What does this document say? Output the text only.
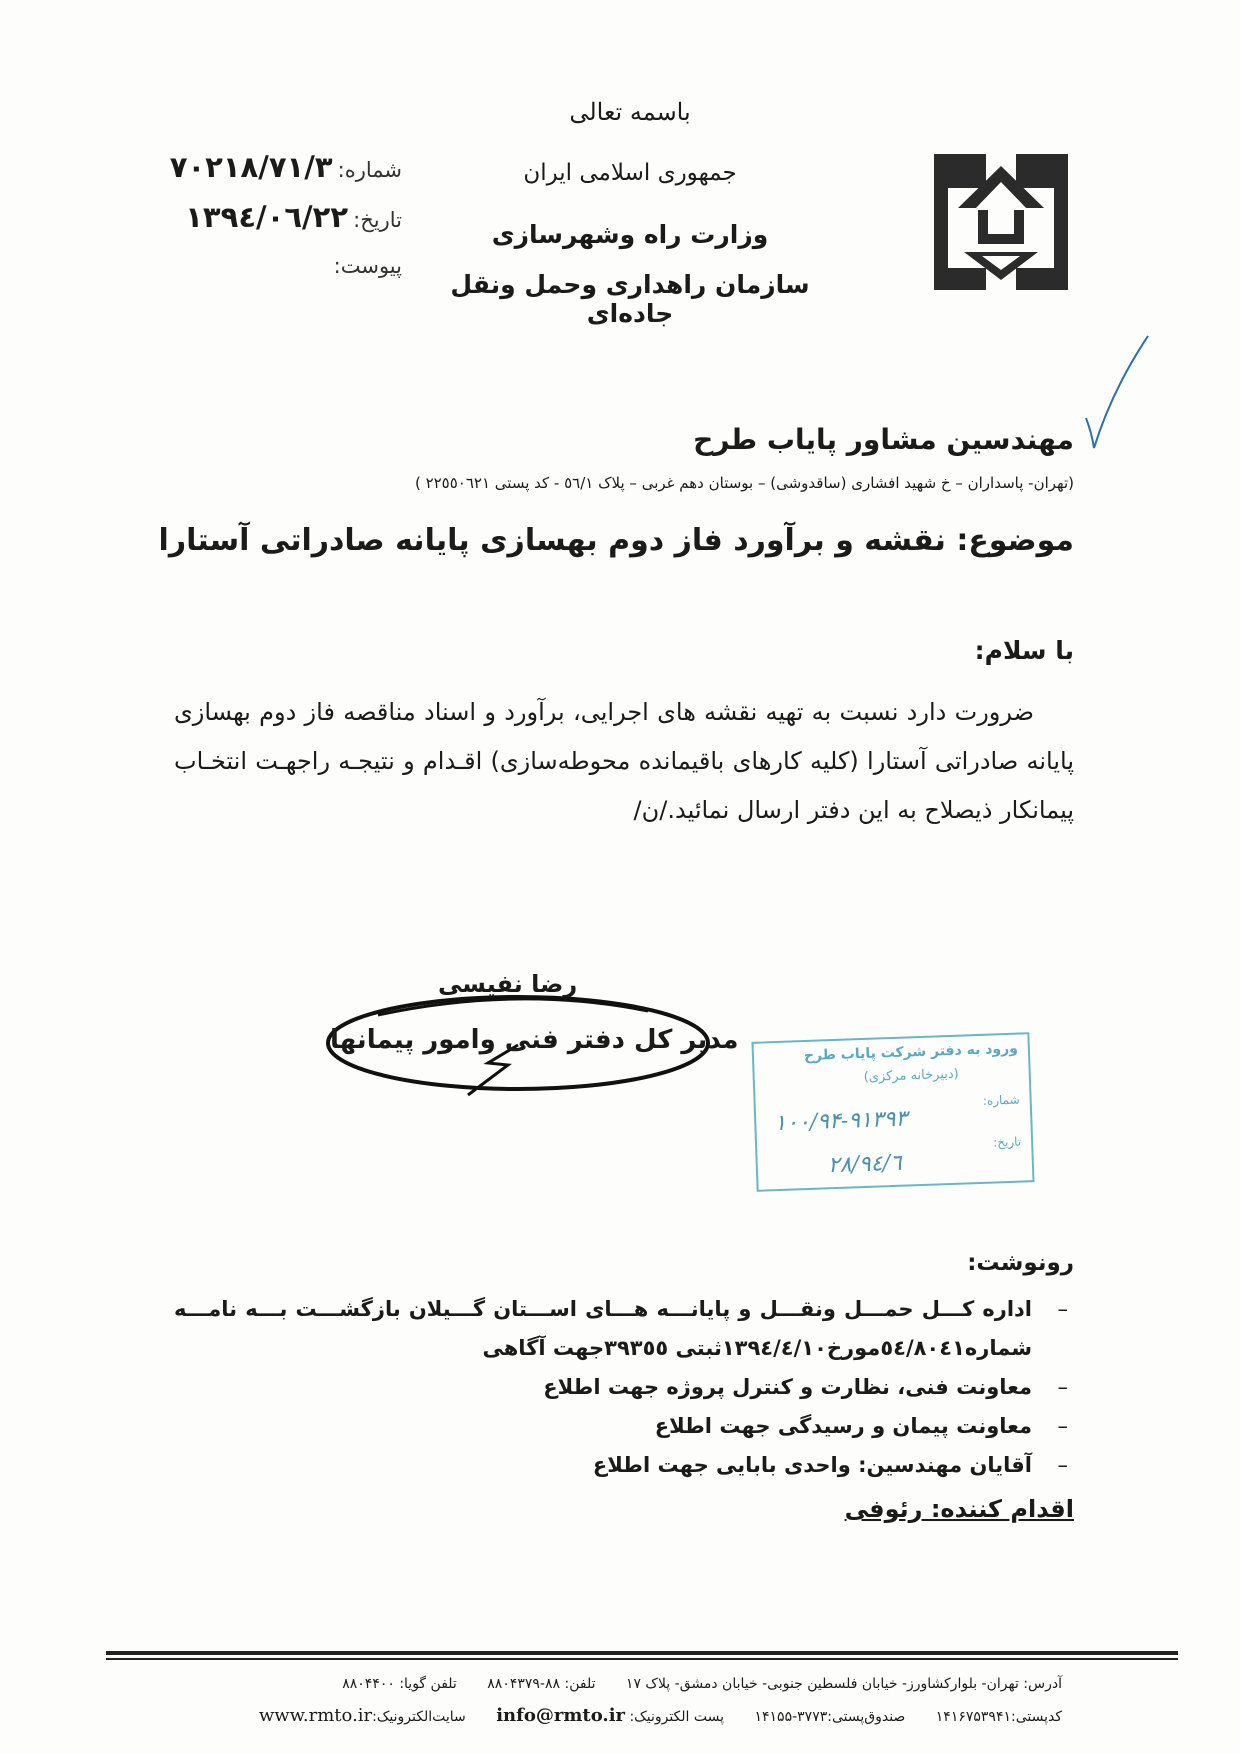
باسمه تعالی
جمهوری اسلامی ایران
وزارت راه وشهرسازی
سازمان راهداری وحمل ونقل جاده‌ای
شماره: ۷۰۲۱۸/۷۱/۳
تاریخ: ۱۳۹٤/۰٦/۲۲
پیوست:
مهندسین مشاور پایاب طرح
(تهران- پاسداران – خ شهید افشاری (ساقدوشی) – بوستان دهم غربی – پلاک ٥٦/١ - کد پستی ٢٢٥٥٠٦٢١ )
موضوع: نقشه و برآورد فاز دوم بهسازی پایانه صادراتی آستارا
با سلام:

ضرورت دارد نسبت به تهیه نقشه های اجرایی، برآورد و اسناد مناقصه فاز دوم بهسازی پایانه صادراتی آستارا (کلیه کارهای باقیمانده محوطه‌سازی) اقـدام و نتیجـه راجهـت انتخـاب پیمانکار ذیصلاح به این دفتر ارسال نمائید./ن/

رضا نفیسی
مدیر کل دفتر فنی وامور پیمانها	ورود به دفتر شرکت پایاب طرح
(دبیرخانه مرکزی)
شماره:
۱۰۰/۹۴-۹۱۳۹۳
تاریخ:
۹٤/٦/۲۸
رونوشت:
– اداره کـــل حمـــل ونقـــل و پایانـــه هـــای اســـتان گـــیلان بازگشـــت بـــه نامـــه شماره٥٤/٨٠٤١مورخ١٣٩٤/٤/١٠ثبتی ٣٩٣٥٥جهت آگاهی
– معاونت فنی، نظارت و کنترل پروژه جهت اطلاع
– معاونت پیمان و رسیدگی جهت اطلاع
– آقایان مهندسین: واحدی بابایی جهت اطلاع
اقدام کننده: رئوفی
آدرس: تهران- بلوارکشاورز- خیابان فلسطین جنوبی- خیابان دمشق- پلاک ۱۷ تلفن: ۸۸-۸۸۰۴۳۷۹ تلفن گویا: ۸۸۰۴۴۰۰
کدپستی:۱۴۱۶۷۵۳۹۴۱ صندوق‌پستی:۳۷۷۳-۱۴۱۵۵ پست الکترونیک: info@rmto.ir سایت‌الکترونیک:www.rmto.ir
